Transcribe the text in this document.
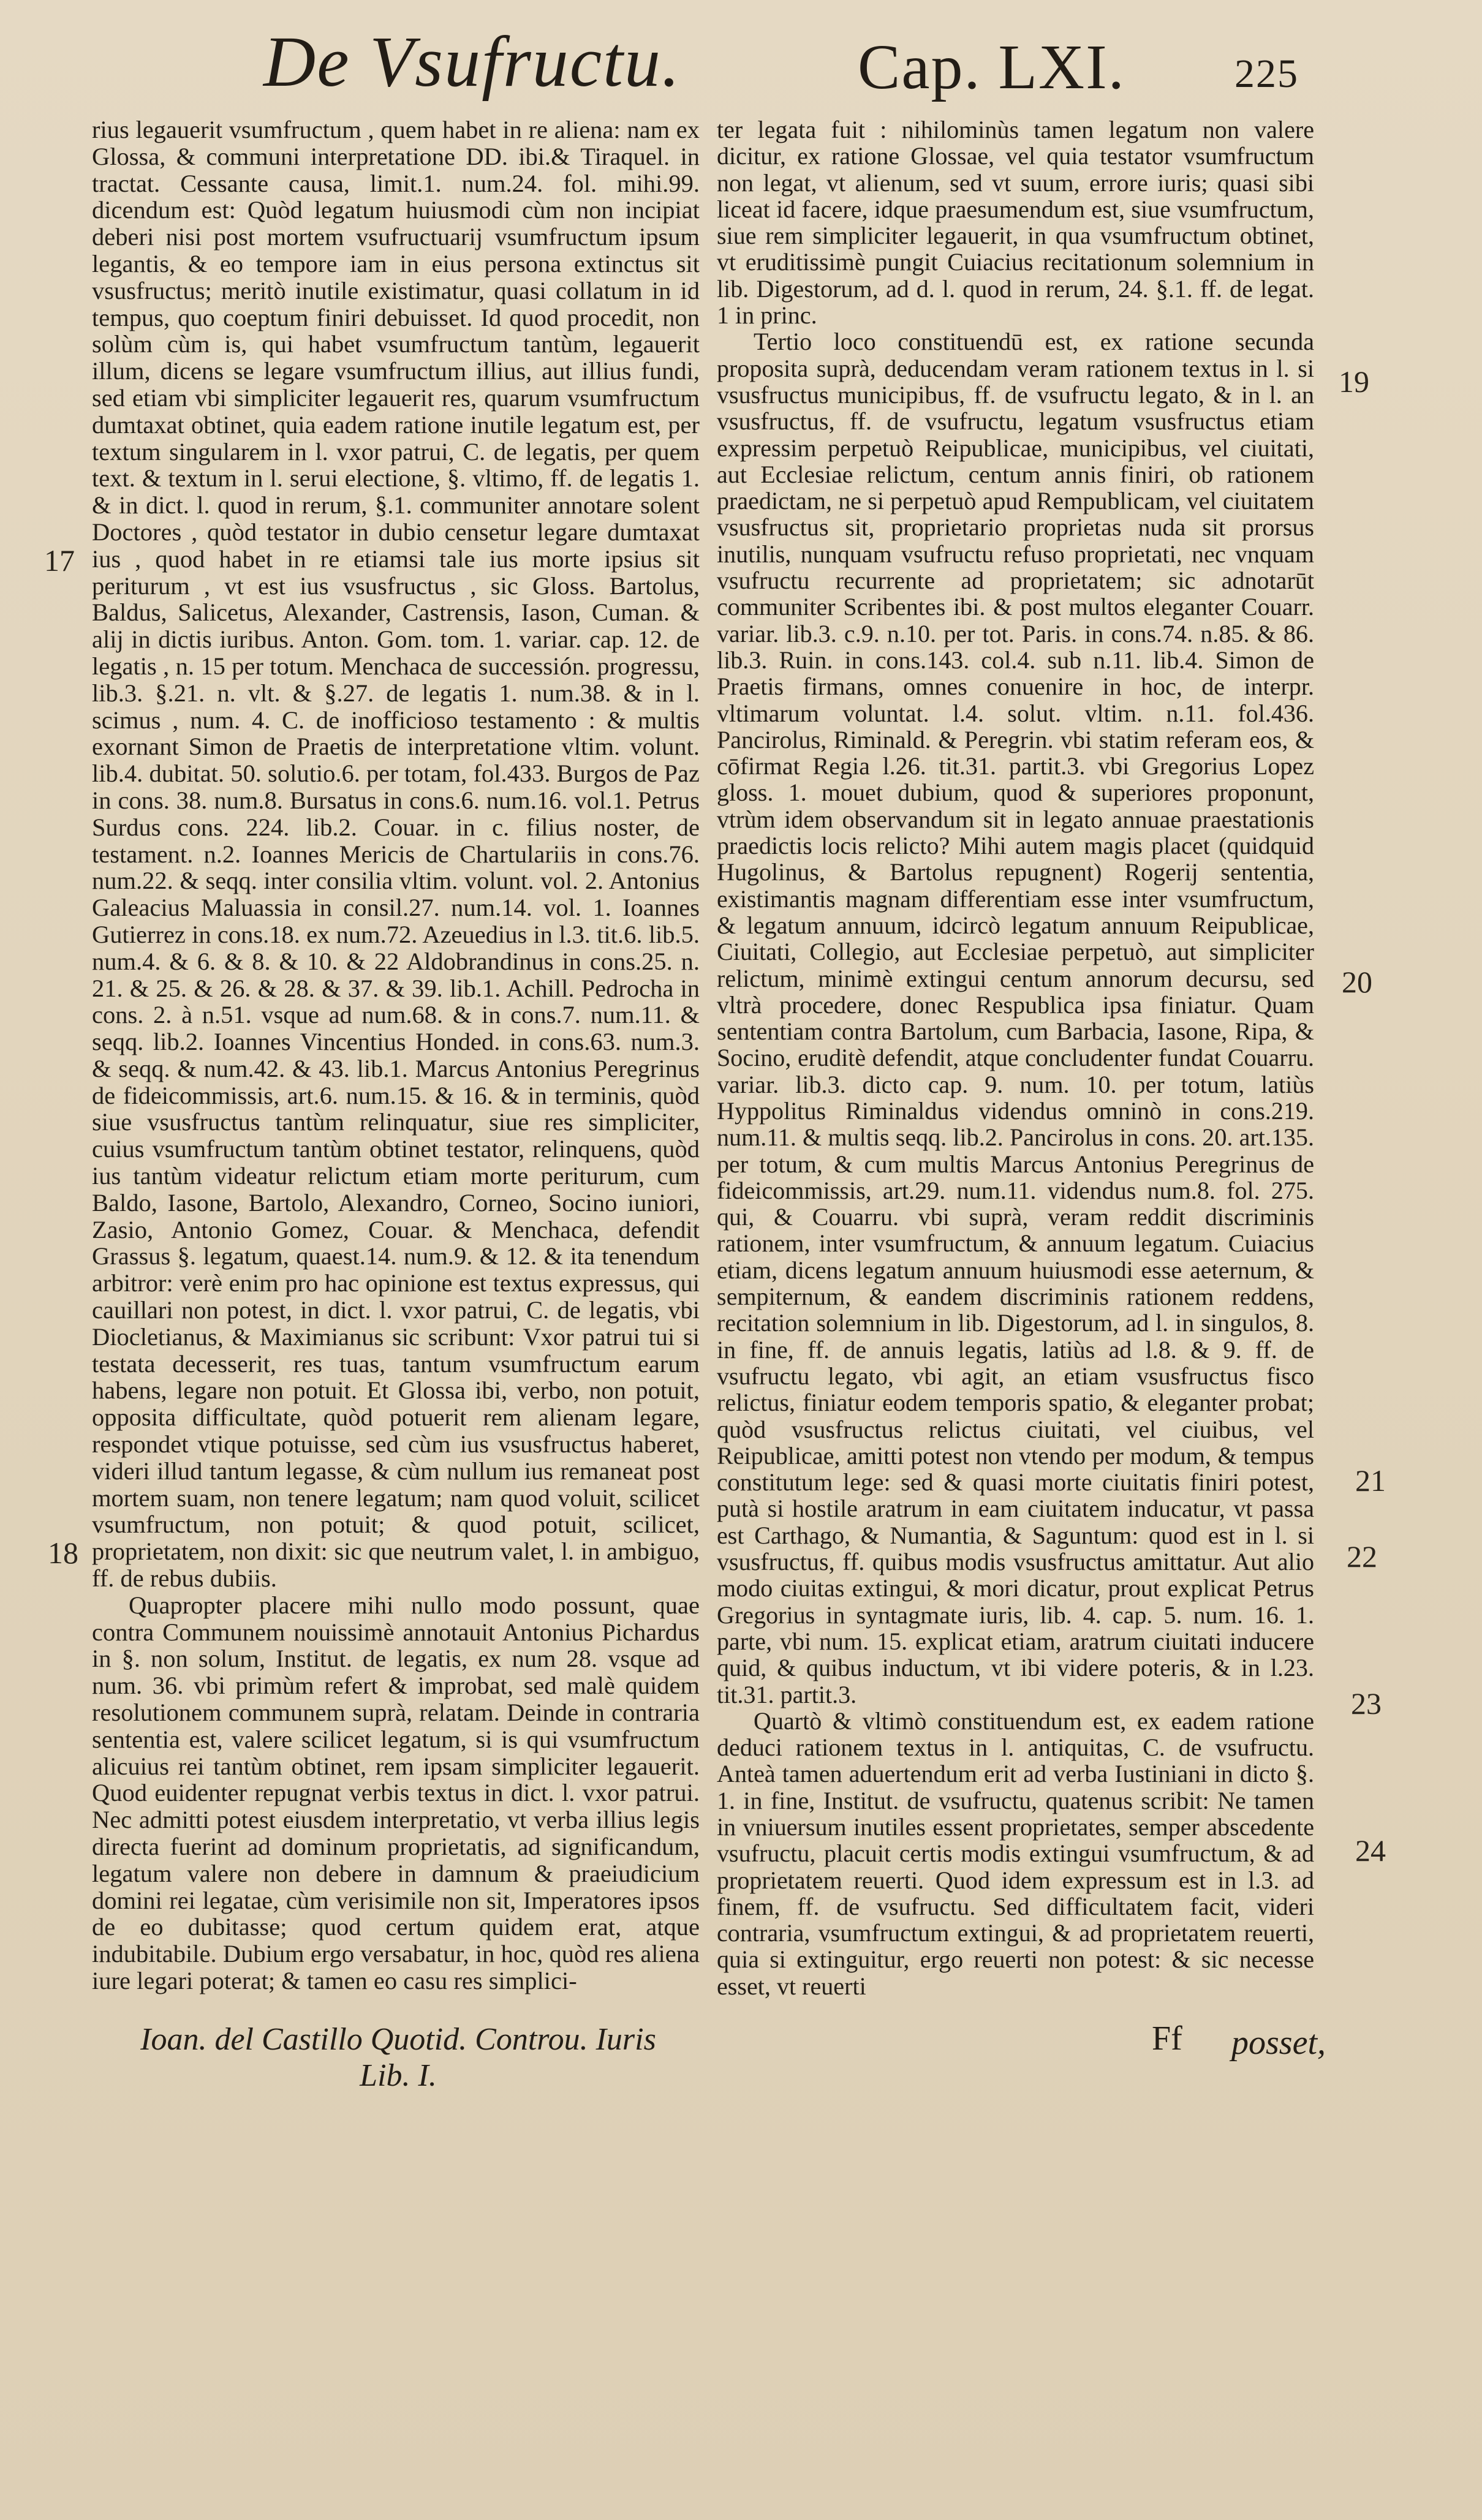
De Vsufructu.	Cap. LXI.	225

rius legauerit vsumfructum , quem habet in re aliena: nam ex Glossa, & communi interpretatione DD. ibi.& Tiraquel. in tractat. Cessante causa, limit.1. num.24. fol. mihi.99. dicendum est: Quòd legatum huiusmodi cùm non incipiat deberi nisi post mortem vsufructuarij vsumfructum ipsum legantis, & eo tempore iam in eius persona extinctus sit vsusfructus; meritò inutile existimatur, quasi collatum in id tempus, quo coeptum finiri debuisset. Id quod procedit, non solùm cùm is, qui habet vsumfructum tantùm, legauerit illum, dicens se legare vsumfructum illius, aut illius fundi, sed etiam vbi simpliciter legauerit res, quarum vsumfructum dumtaxat obtinet, quia eadem ratione inutile legatum est, per textum singularem in l. vxor patrui, C. de legatis, per quem text. & textum in l. serui electione, §. vltimo, ff. de legatis 1. & in dict. l. quod in rerum, §.1. communiter annotare solent Doctores , quòd testator in dubio censetur legare dumtaxat ius , quod habet in re etiamsi tale ius morte ipsius sit periturum , vt est ius vsusfructus , sic Gloss. Bartolus, Baldus, Salicetus, Alexander, Castrensis, Iason, Cuman. & alij in dictis iuribus. Anton. Gom. tom. 1. variar. cap. 12. de legatis , n. 15 per totum. Menchaca de successión. progressu, lib.3. §.21. n. vlt. & §.27. de legatis 1. num.38. & in l. scimus , num. 4. C. de inofficioso testamento : & multis exornant Simon de Praetis de interpretatione vltim. volunt. lib.4. dubitat. 50. solutio.6. per totam, fol.433. Burgos de Paz in cons. 38. num.8. Bursatus in cons.6. num.16. vol.1. Petrus Surdus cons. 224. lib.2. Couar. in c. filius noster, de testament. n.2. Ioannes Mericis de Chartulariis in cons.76. num.22. & seqq. inter consilia vltim. volunt. vol. 2. Antonius Galeacius Maluassia in consil.27. num.14. vol. 1. Ioannes Gutierrez in cons.18. ex num.72. Azeuedius in l.3. tit.6. lib.5. num.4. & 6. & 8. & 10. & 22 Aldobrandinus in cons.25. n. 21. & 25. & 26. & 28. & 37. & 39. lib.1. Achill. Pedrocha in cons. 2. à n.51. vsque ad num.68. & in cons.7. num.11. & seqq. lib.2. Ioannes Vincentius Honded. in cons.63. num.3. & seqq. & num.42. & 43. lib.1. Marcus Antonius Peregrinus de fideicommissis, art.6. num.15. & 16. & in terminis, quòd siue vsusfructus tantùm relinquatur, siue res simpliciter, cuius vsumfructum tantùm obtinet testator, relinquens, quòd ius tantùm videatur relictum etiam morte periturum, cum Baldo, Iasone, Bartolo, Alexandro, Corneo, Socino iuniori, Zasio, Antonio Gomez, Couar. & Menchaca, defendit Grassus §. legatum, quaest.14. num.9. & 12. & ita tenendum arbitror: verè enim pro hac opinione est textus expressus, qui cauillari non potest, in dict. l. vxor patrui, C. de legatis, vbi Diocletianus, & Maximianus sic scribunt: Vxor patrui tui si testata decesserit, res tuas, tantum vsumfructum earum habens, legare non potuit. Et Glossa ibi, verbo, non potuit, opposita difficultate, quòd potuerit rem alienam legare, respondet vtique potuisse, sed cùm ius vsusfructus haberet, videri illud tantum legasse, & cùm nullum ius remaneat post mortem suam, non tenere legatum; nam quod voluit, scilicet vsumfructum, non potuit; & quod potuit, scilicet, proprietatem, non dixit: sic que neutrum valet, l. in ambiguo, ff. de rebus dubiis.

Quapropter placere mihi nullo modo possunt, quae contra Communem nouissimè annotauit Antonius Pichardus in §. non solum, Institut. de legatis, ex num 28. vsque ad num. 36. vbi primùm refert & improbat, sed malè quidem resolutionem communem suprà, relatam. Deinde in contraria sententia est, valere scilicet legatum, si is qui vsumfructum alicuius rei tantùm obtinet, rem ipsam simpliciter legauerit. Quod euidenter repugnat verbis textus in dict. l. vxor patrui. Nec admitti potest eiusdem interpretatio, vt verba illius legis directa fuerint ad dominum proprietatis, ad significandum, legatum valere non debere in damnum & praeiudicium domini rei legatae, cùm verisimile non sit, Imperatores ipsos de eo dubitasse; quod certum quidem erat, atque indubitabile. Dubium ergo versabatur, in hoc, quòd res aliena iure legari poterat; & tamen eo casu res simplici-

ter legata fuit : nihilominùs tamen legatum non valere dicitur, ex ratione Glossae, vel quia testator vsumfructum non legat, vt alienum, sed vt suum, errore iuris; quasi sibi liceat id facere, idque praesumendum est, siue vsumfructum, siue rem simpliciter legauerit, in qua vsumfructum obtinet, vt eruditissimè pungit Cuiacius recitationum solemnium in lib. Digestorum, ad d. l. quod in rerum, 24. §.1. ff. de legat. 1 in princ.

Tertio loco constituendū est, ex ratione secunda proposita suprà, deducendam veram rationem textus in l. si vsusfructus municipibus, ff. de vsufructu legato, & in l. an vsusfructus, ff. de vsufructu, legatum vsusfructus etiam expressim perpetuò Reipublicae, municipibus, vel ciuitati, aut Ecclesiae relictum, centum annis finiri, ob rationem praedictam, ne si perpetuò apud Rempublicam, vel ciuitatem vsusfructus sit, proprietario proprietas nuda sit prorsus inutilis, nunquam vsufructu refuso proprietati, nec vnquam vsufructu recurrente ad proprietatem; sic adnotarūt communiter Scribentes ibi. & post multos eleganter Couarr. variar. lib.3. c.9. n.10. per tot. Paris. in cons.74. n.85. & 86. lib.3. Ruin. in cons.143. col.4. sub n.11. lib.4. Simon de Praetis firmans, omnes conuenire in hoc, de interpr. vltimarum voluntat. l.4. solut. vltim. n.11. fol.436. Pancirolus, Riminald. & Peregrin. vbi statim referam eos, & cōfirmat Regia l.26. tit.31. partit.3. vbi Gregorius Lopez gloss. 1. mouet dubium, quod & superiores proponunt, vtrùm idem observandum sit in legato annuae praestationis praedictis locis relicto? Mihi autem magis placet (quidquid Hugolinus, & Bartolus repugnent) Rogerij sententia, existimantis magnam differentiam esse inter vsumfructum, & legatum annuum, idcircò legatum annuum Reipublicae, Ciuitati, Collegio, aut Ecclesiae perpetuò, aut simpliciter relictum, minimè extingui centum annorum decursu, sed vltrà procedere, donec Respublica ipsa finiatur. Quam sententiam contra Bartolum, cum Barbacia, Iasone, Ripa, & Socino, eruditè defendit, atque concludenter fundat Couarru. variar. lib.3. dicto cap. 9. num. 10. per totum, latiùs Hyppolitus Riminaldus videndus omninò in cons.219. num.11. & multis seqq. lib.2. Pancirolus in cons. 20. art.135. per totum, & cum multis Marcus Antonius Peregrinus de fideicommissis, art.29. num.11. videndus num.8. fol. 275. qui, & Couarru. vbi suprà, veram reddit discriminis rationem, inter vsumfructum, & annuum legatum. Cuiacius etiam, dicens legatum annuum huiusmodi esse aeternum, & sempiternum, & eandem discriminis rationem reddens, recitation solemnium in lib. Digestorum, ad l. in singulos, 8. in fine, ff. de annuis legatis, latiùs ad l.8. & 9. ff. de vsufructu legato, vbi agit, an etiam vsusfructus fisco relictus, finiatur eodem temporis spatio, & eleganter probat; quòd vsusfructus relictus ciuitati, vel ciuibus, vel Reipublicae, amitti potest non vtendo per modum, & tempus constitutum lege: sed & quasi morte ciuitatis finiri potest, putà si hostile aratrum in eam ciuitatem inducatur, vt passa est Carthago, & Numantia, & Saguntum: quod est in l. si vsusfructus, ff. quibus modis vsusfructus amittatur. Aut alio modo ciuitas extingui, & mori dicatur, prout explicat Petrus Gregorius in syntagmate iuris, lib. 4. cap. 5. num. 16. 1. parte, vbi num. 15. explicat etiam, aratrum ciuitati inducere quid, & quibus inductum, vt ibi videre poteris, & in l.23. tit.31. partit.3.

Quartò & vltimò constituendum est, ex eadem ratione deduci rationem textus in l. antiquitas, C. de vsufructu. Anteà tamen aduertendum erit ad verba Iustiniani in dicto §. 1. in fine, Institut. de vsufructu, quatenus scribit: Ne tamen in vniuersum inutiles essent proprietates, semper abscedente vsufructu, placuit certis modis extingui vsumfructum, & ad proprietatem reuerti. Quod idem expressum est in l.3. ad finem, ff. de vsufructu. Sed difficultatem facit, videri contraria, vsumfructum extingui, & ad proprietatem reuerti, quia si extinguitur, ergo reuerti non potest: & sic necesse esset, vt reuerti

17
18
19
20
21
22
23
24
Ioan. del Castillo Quotid. Controu. Iuris Lib. I.
Ff posset,
